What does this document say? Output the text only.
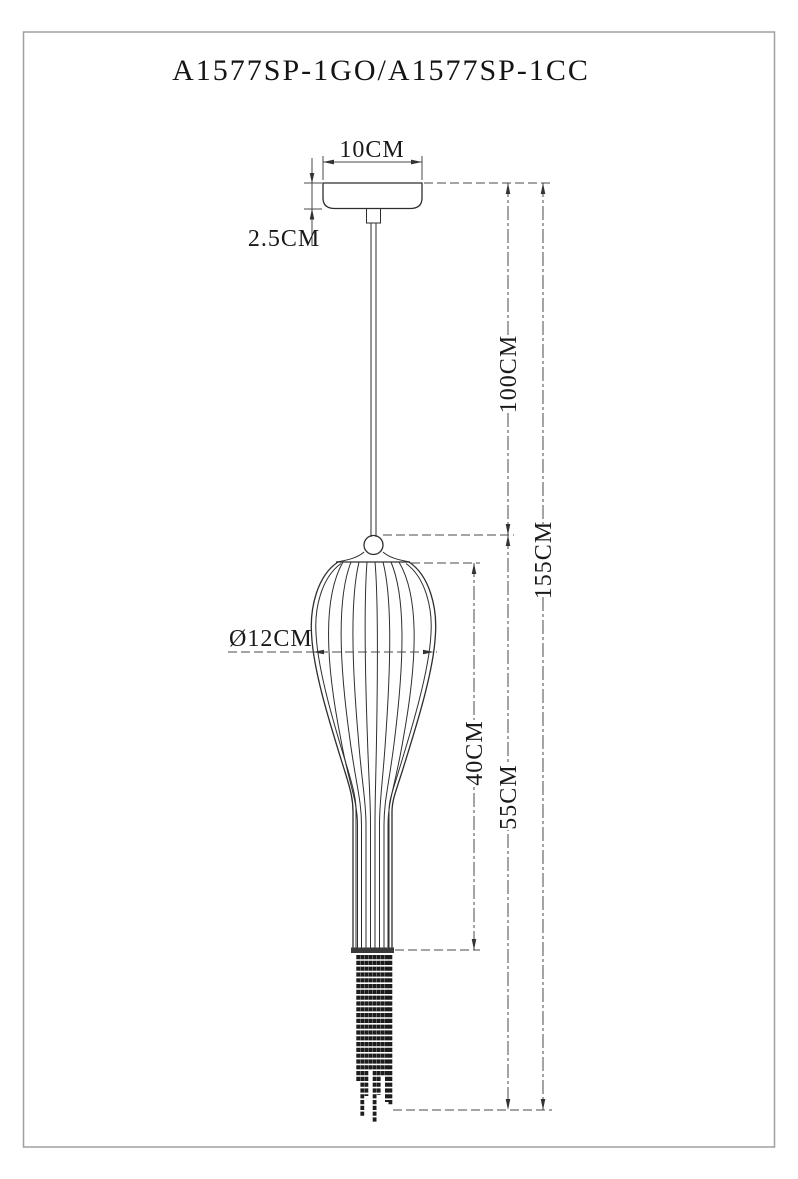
A1577SP-1GO/A1577SP-1CC
10CM
2.5CM
Ø12CM
100CM
155CM
40CM
55CM
